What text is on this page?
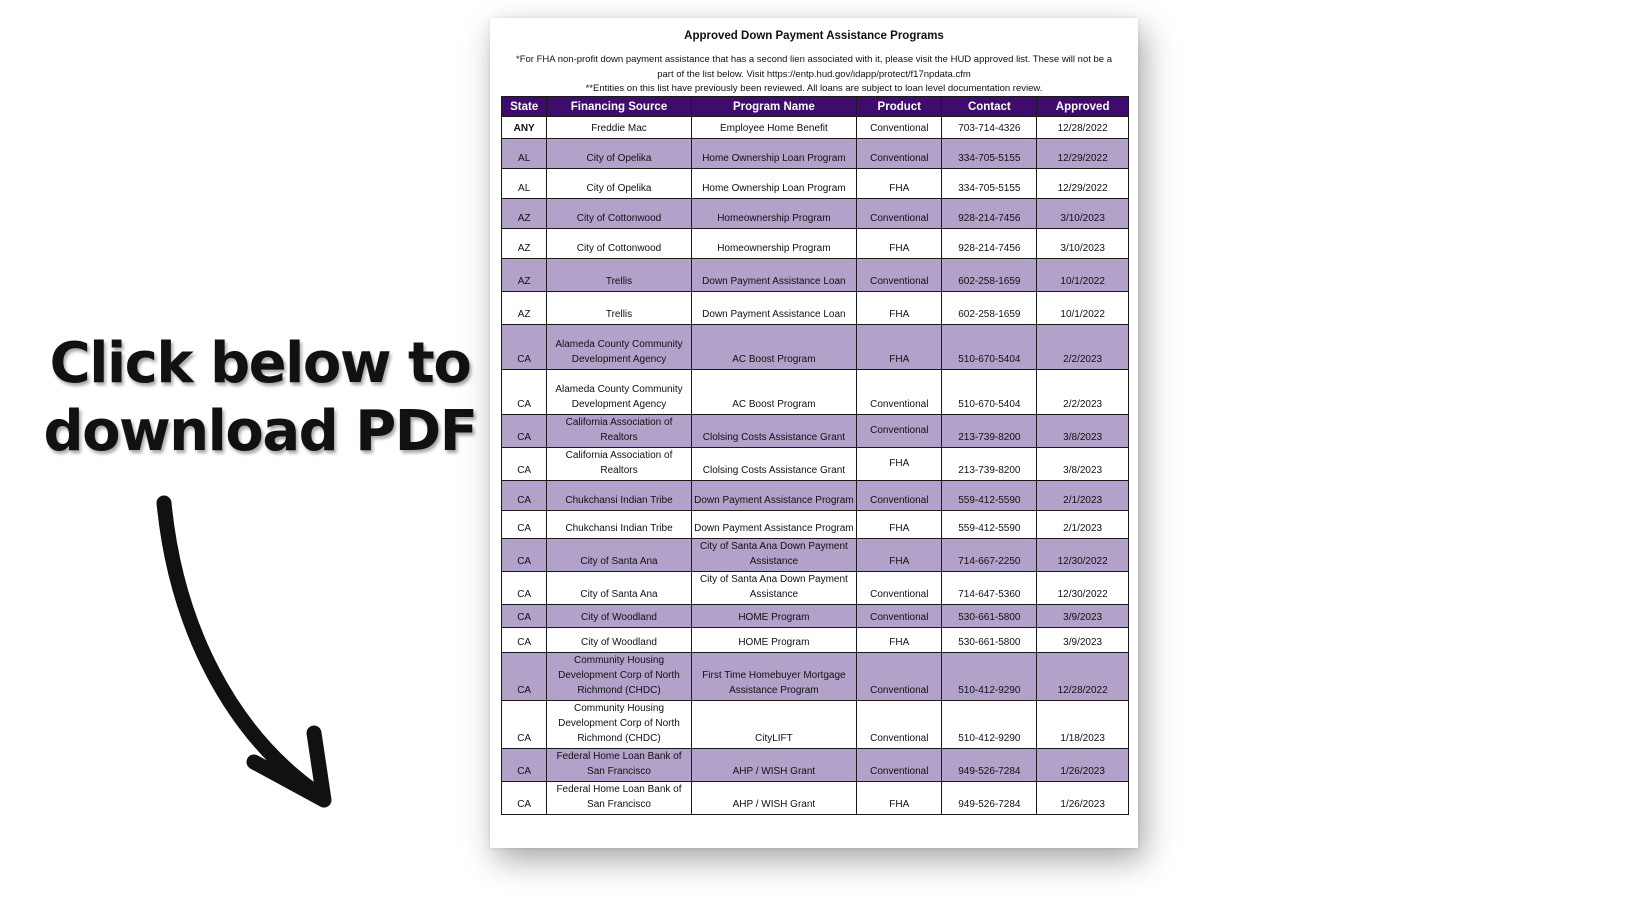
Click below to
download PDF
Approved Down Payment Assistance Programs
*For FHA non-profit down payment assistance that has a second lien associated with it, please visit the HUD approved list. These will not be a part of the list below. Visit https://entp.hud.gov/idapp/protect/f17npdata.cfm
**Entities on this list have previously been reviewed. All loans are subject to loan level documentation review.
State	Financing Source	Program Name	Product	Contact	Approved
ANY	Freddie Mac	Employee Home Benefit	Conventional	703-714-4326	12/28/2022
AL	City of Opelika	Home Ownership Loan Program	Conventional	334-705-5155	12/29/2022
AL	City of Opelika	Home Ownership Loan Program	FHA	334-705-5155	12/29/2022
AZ	City of Cottonwood	Homeownership Program	Conventional	928-214-7456	3/10/2023
AZ	City of Cottonwood	Homeownership Program	FHA	928-214-7456	3/10/2023
AZ	Trellis	Down Payment Assistance Loan	Conventional	602-258-1659	10/1/2022
AZ	Trellis	Down Payment Assistance Loan	FHA	602-258-1659	10/1/2022
CA	Alameda County Community Development Agency	AC Boost Program	FHA	510-670-5404	2/2/2023
CA	Alameda County Community Development Agency	AC Boost Program	Conventional	510-670-5404	2/2/2023
CA	California Association of Realtors	Clolsing Costs Assistance Grant	Conventional	213-739-8200	3/8/2023
CA	California Association of Realtors	Clolsing Costs Assistance Grant	FHA	213-739-8200	3/8/2023
CA	Chukchansi Indian Tribe	Down Payment Assistance Program	Conventional	559-412-5590	2/1/2023
CA	Chukchansi Indian Tribe	Down Payment Assistance Program	FHA	559-412-5590	2/1/2023
CA	City of Santa Ana	City of Santa Ana Down Payment Assistance	FHA	714-667-2250	12/30/2022
CA	City of Santa Ana	City of Santa Ana Down Payment Assistance	Conventional	714-647-5360	12/30/2022
CA	City of Woodland	HOME Program	Conventional	530-661-5800	3/9/2023
CA	City of Woodland	HOME Program	FHA	530-661-5800	3/9/2023
CA	Community Housing Development Corp of North Richmond (CHDC)	First Time Homebuyer Mortgage Assistance Program	Conventional	510-412-9290	12/28/2022
CA	Community Housing Development Corp of North Richmond (CHDC)	CityLIFT	Conventional	510-412-9290	1/18/2023
CA	Federal Home Loan Bank of San Francisco	AHP / WISH Grant	Conventional	949-526-7284	1/26/2023
CA	Federal Home Loan Bank of San Francisco	AHP / WISH Grant	FHA	949-526-7284	1/26/2023
